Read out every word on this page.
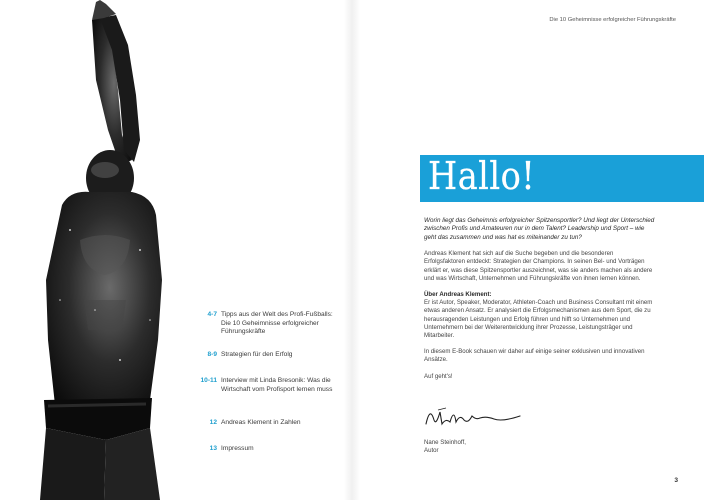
4-7 Tipps aus der Welt des Profi-Fußballs: Die 10 Geheimnisse erfolgreicher Führungskräfte
8-9 Strategien für den Erfolg
10-11 Interview mit Linda Bresonik: Was die Wirtschaft vom Profisport lernen muss
12 Andreas Klement in Zahlen
13 Impressum
Die 10 Geheimnisse erfolgreicher Führungskräfte
Hallo!

Worin liegt das Geheimnis erfolgreicher Spitzensportler? Und liegt der Unterschied zwischen Profis und Amateuren nur in dem Talent? Leadership und Sport – wie geht das zusammen und was hat es miteinander zu tun?

Andreas Klement hat sich auf die Suche begeben und die besonderen Erfolgsfaktoren entdeckt: Strategien der Champions. In seinen Bel- und Vorträgen erklärt er, was diese Spitzensportler auszeichnet, was sie anders machen als andere und was Wirtschaft, Unternehmen und Führungskräfte von ihnen lernen können.

Über Andreas Klement:

Er ist Autor, Speaker, Moderator, Athleten-Coach und Business Consultant mit einem etwas anderen Ansatz. Er analysiert die Erfolgsmechanismen aus dem Sport, die zu herausragenden Leistungen und Erfolg führen und hilft so Unternehmen und Unternehmern bei der Weiterentwicklung ihrer Prozesse, Leistungsträger und Mitarbeiter.

In diesem E-Book schauen wir daher auf einige seiner exklusiven und innovativen Ansätze.

Auf geht's!

Nane Steinhoff,
Autor
3
